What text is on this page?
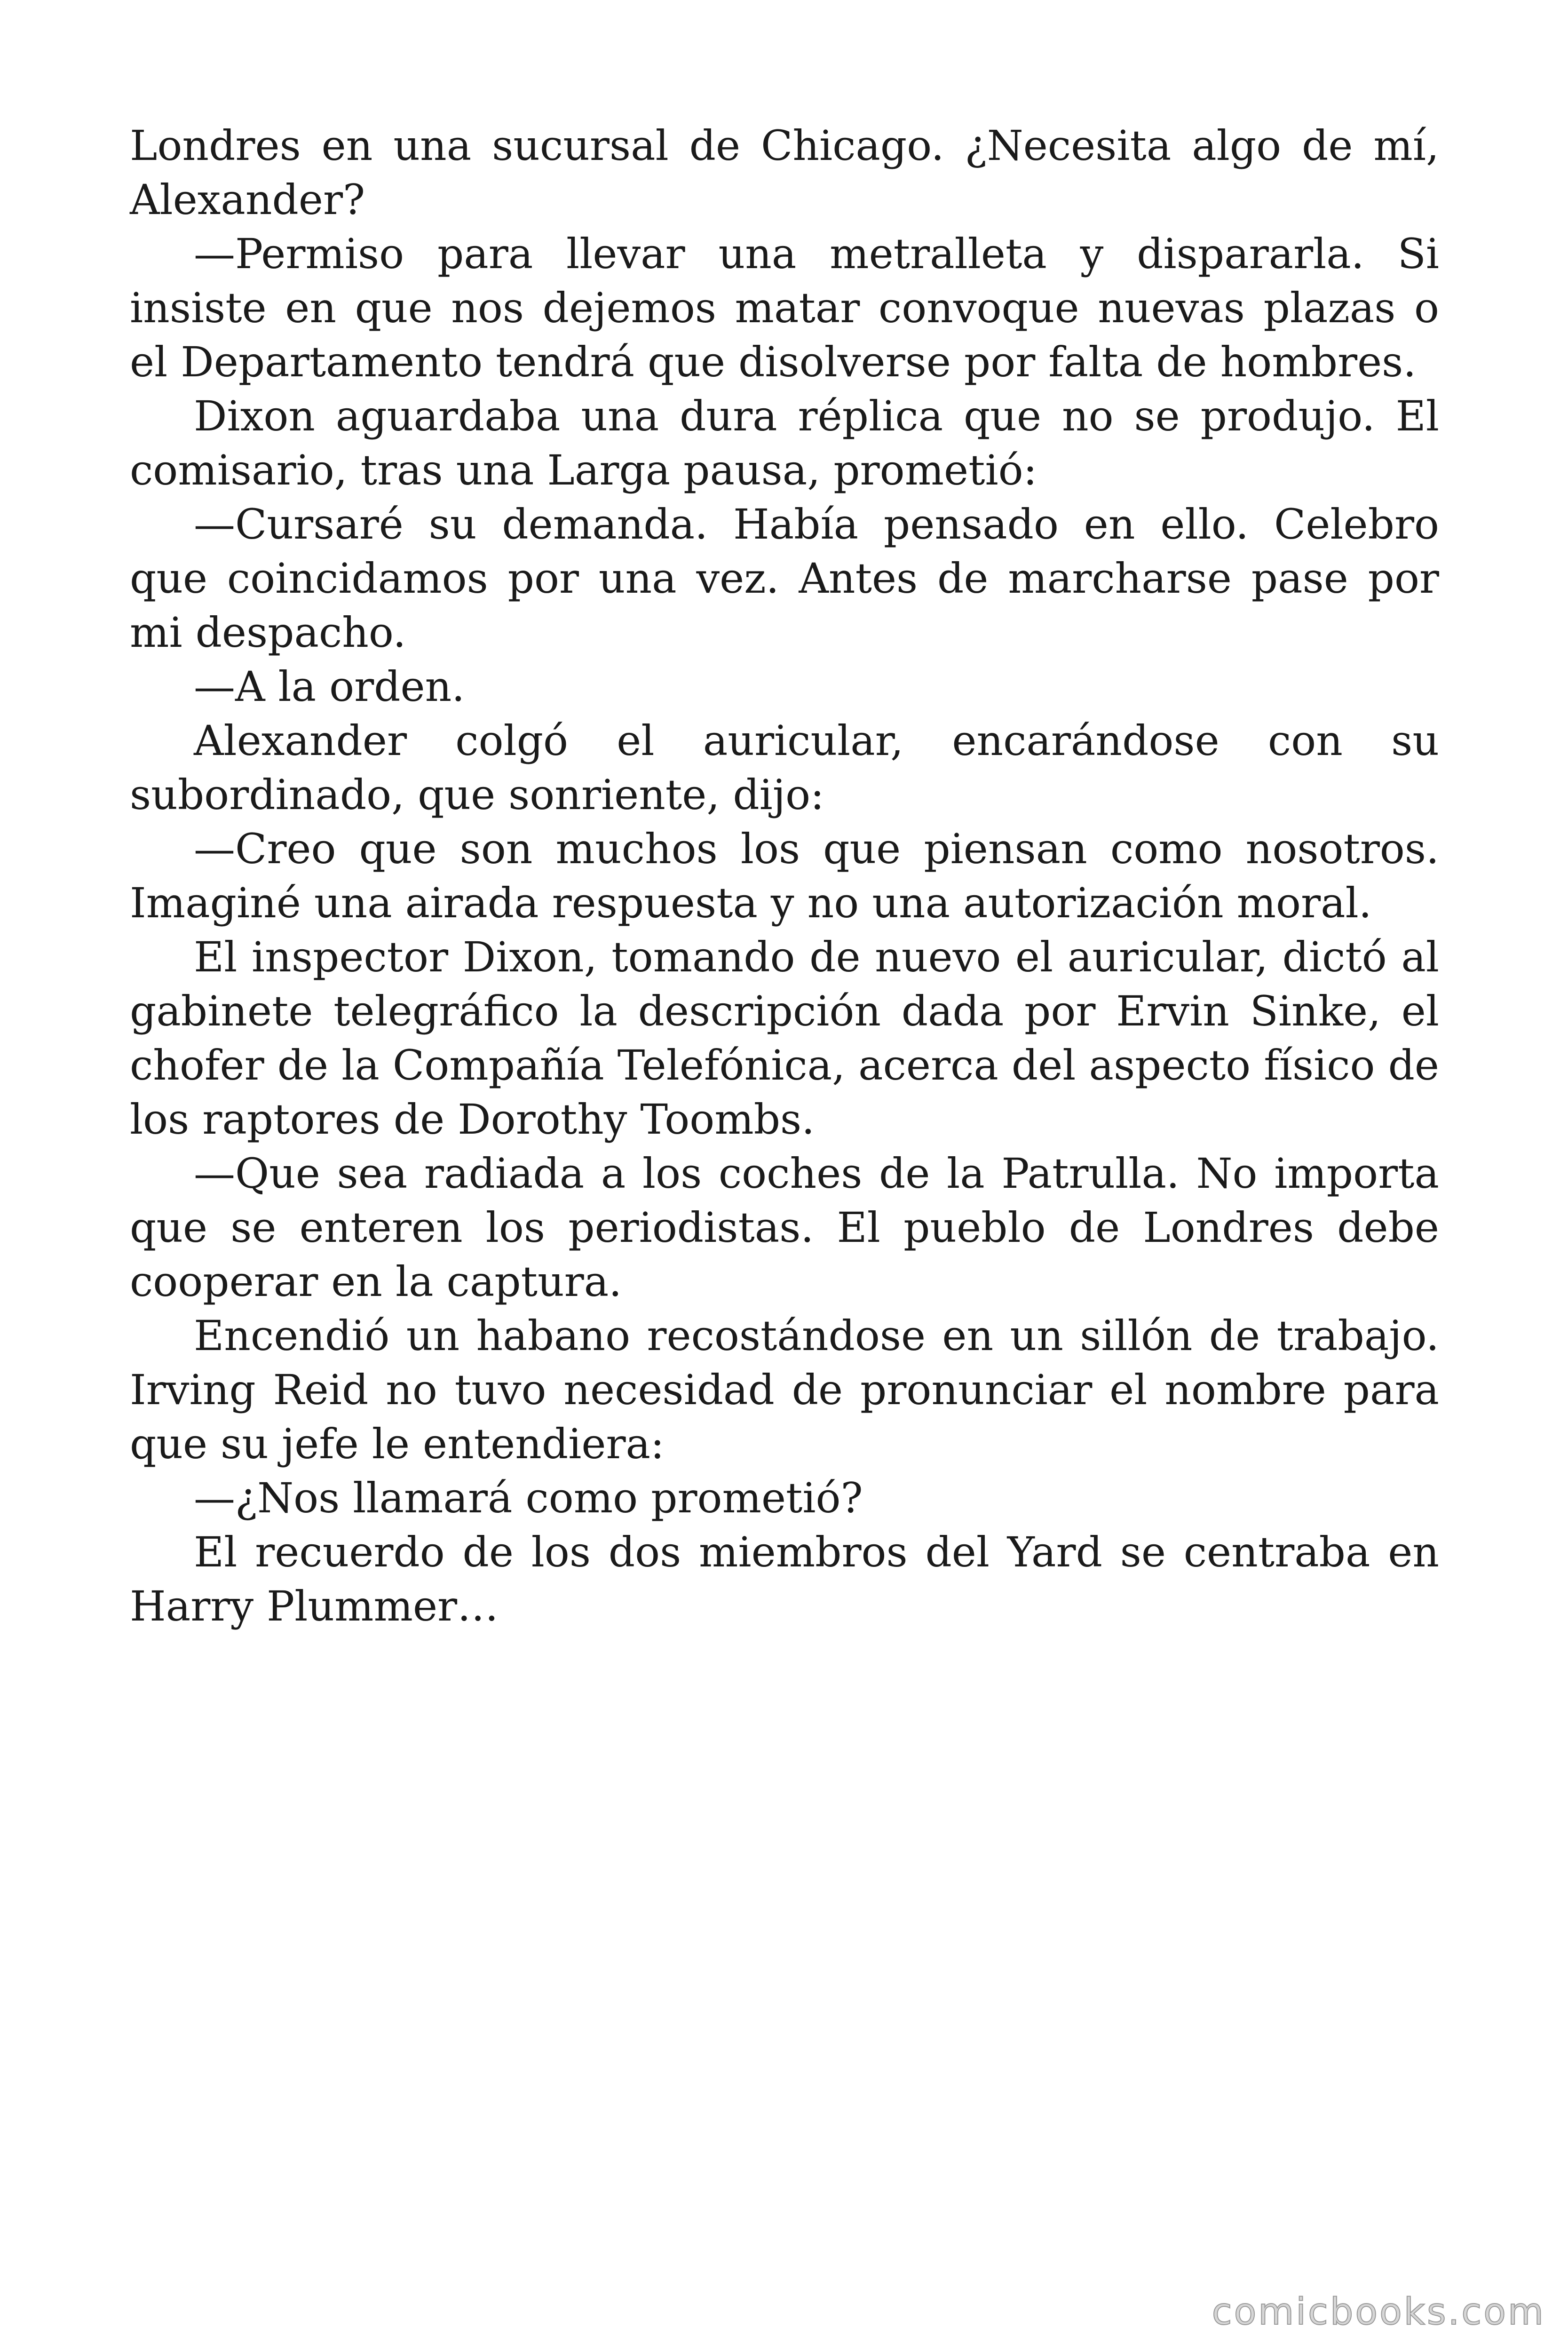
Londres en una sucursal de Chicago. ¿Necesita algo de mí, Alexander?

—Permiso para llevar una metralleta y dispararla. Si insiste en que nos dejemos matar convoque nuevas plazas o el Departamento tendrá que disolverse por falta de hombres.

Dixon aguardaba una dura réplica que no se produjo. El comisario, tras una Larga pausa, prometió:

—Cursaré su demanda. Había pensado en ello. Celebro que coincidamos por una vez. Antes de marcharse pase por mi despacho.

—A la orden.

Alexander colgó el auricular, encarándose con su subordinado, que sonriente, dijo:

—Creo que son muchos los que piensan como nosotros. Imaginé una airada respuesta y no una autorización moral.

El inspector Dixon, tomando de nuevo el auricular, dictó al gabinete telegráfico la descripción dada por Ervin Sinke, el chofer de la Compañía Telefónica, acerca del aspecto físico de los raptores de Dorothy Toombs.

—Que sea radiada a los coches de la Patrulla. No importa que se enteren los periodistas. El pueblo de Londres debe cooperar en la captura.

Encendió un habano recostándose en un sillón de trabajo. Irving Reid no tuvo necesidad de pronunciar el nombre para que su jefe le entendiera:

—¿Nos llamará como prometió?

El recuerdo de los dos miembros del Yard se centraba en Harry Plummer…

comicbooks.com
